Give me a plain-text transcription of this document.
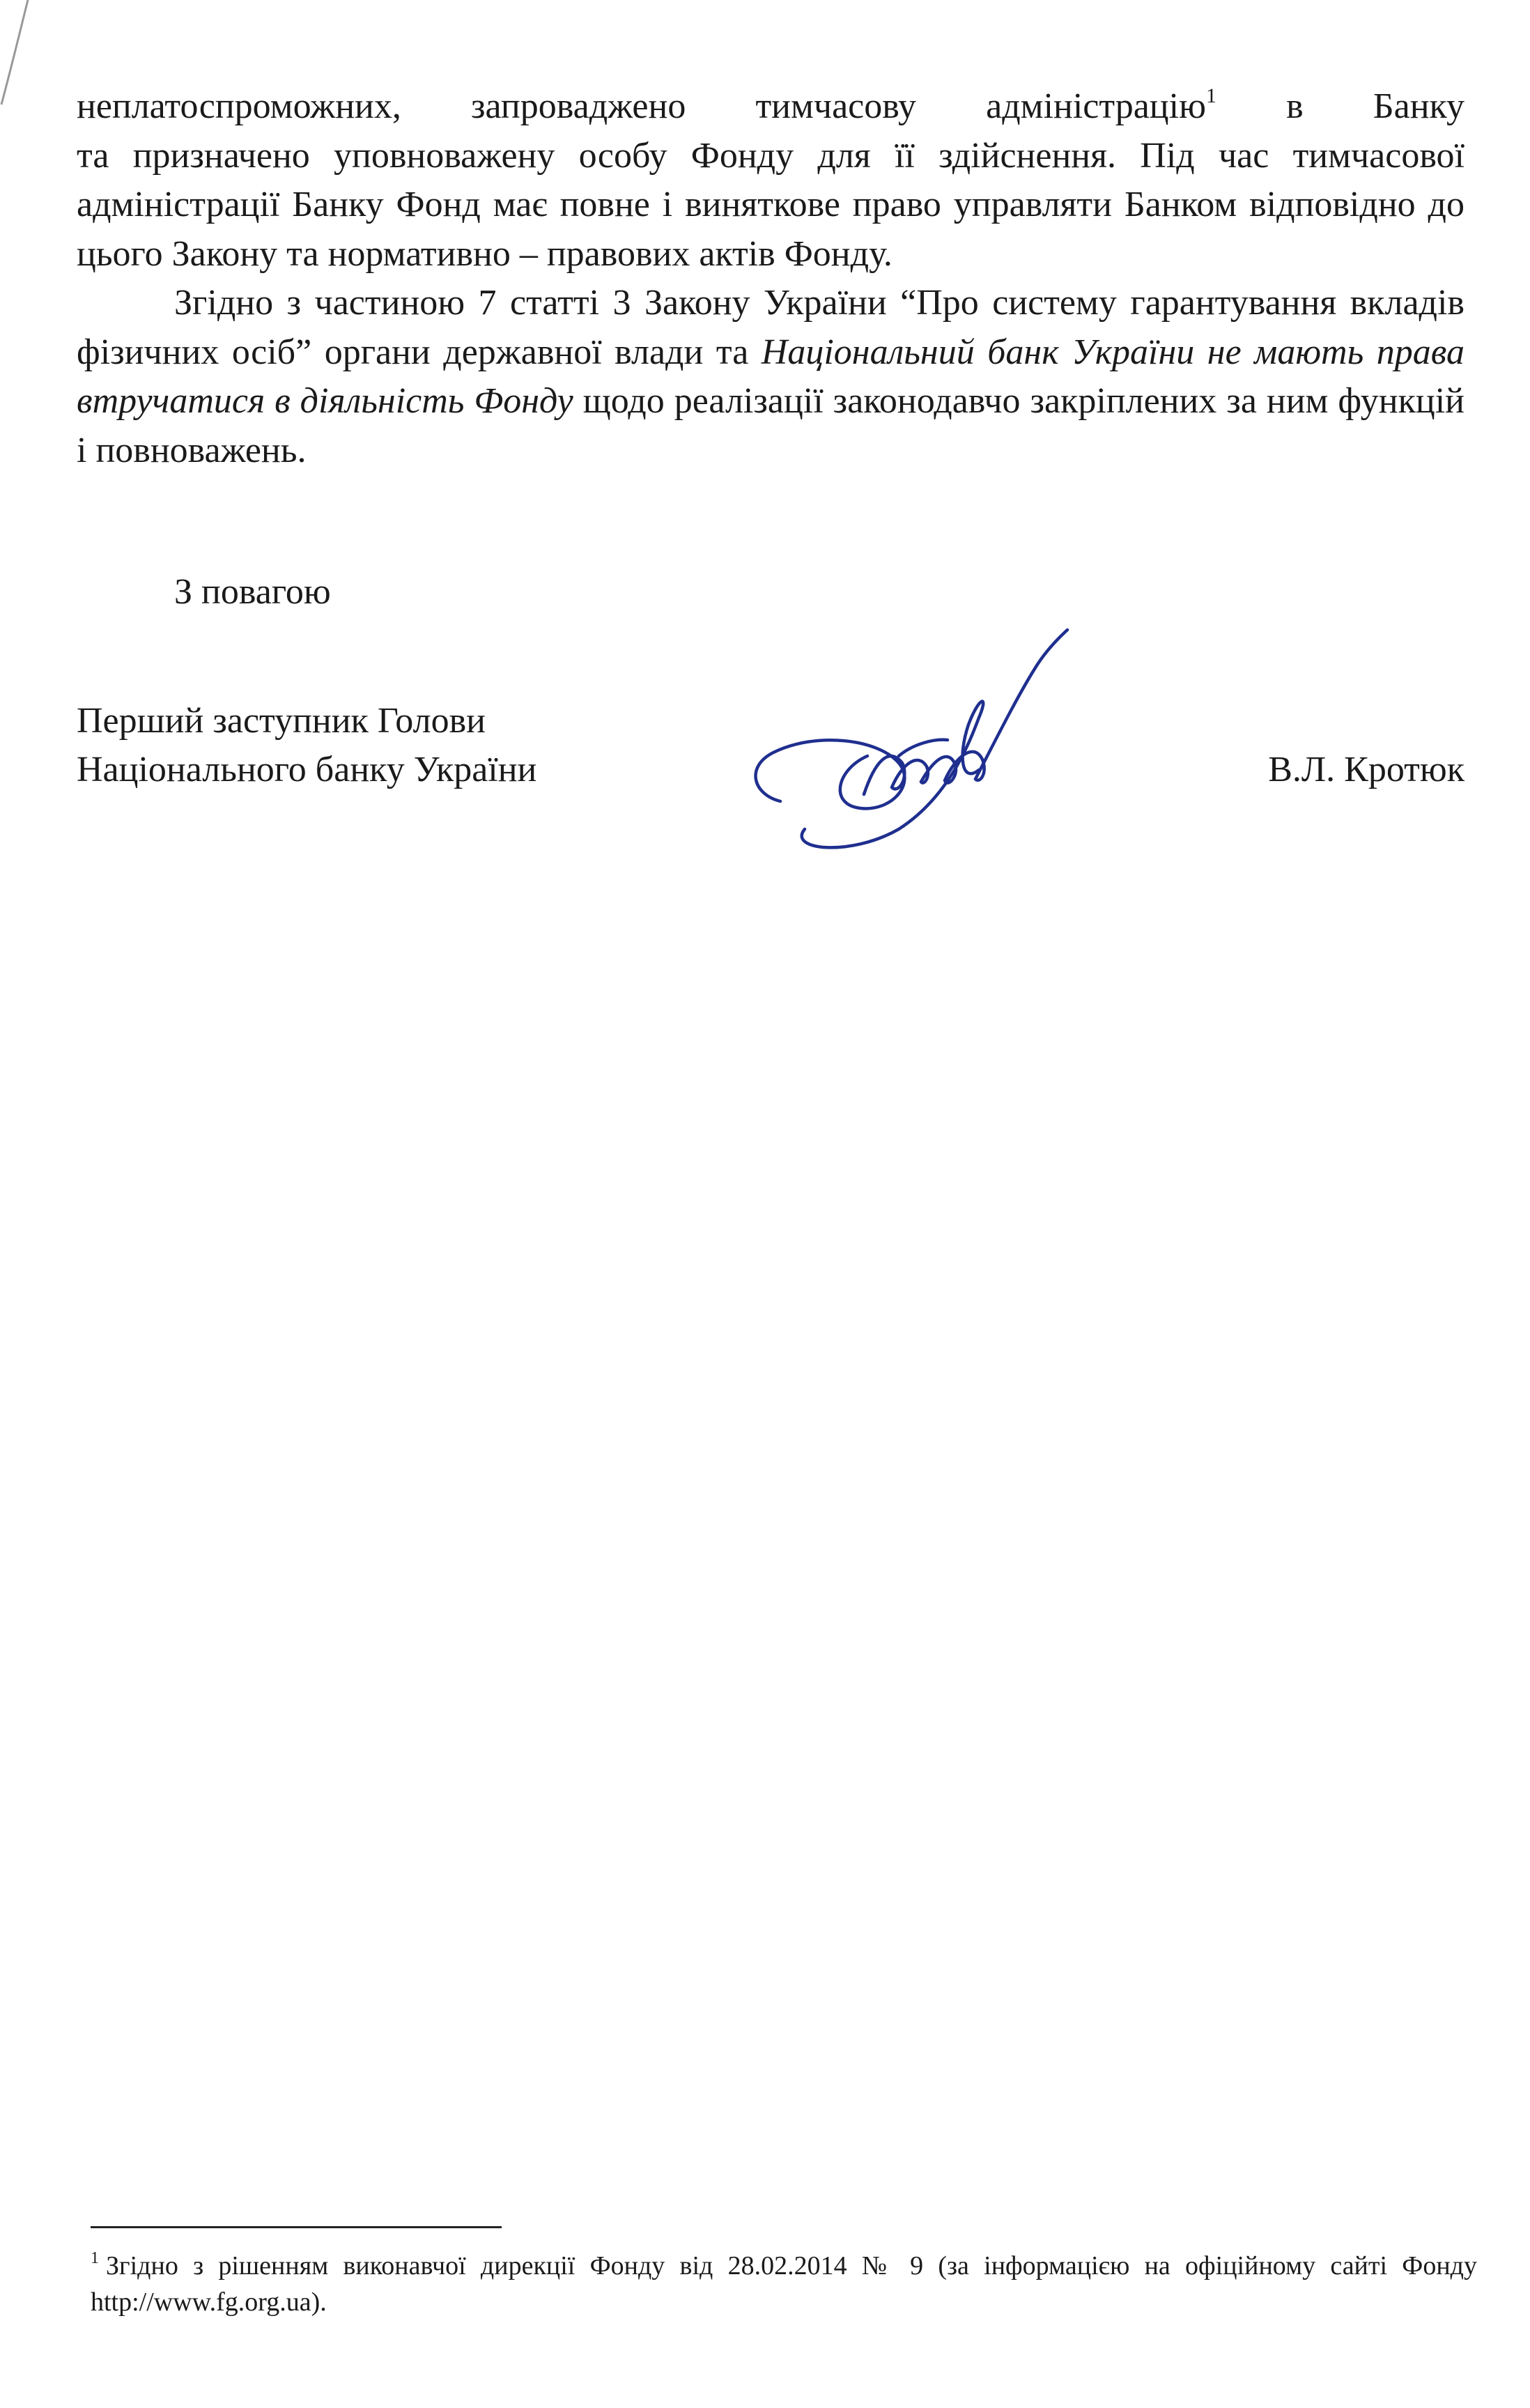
неплатоспроможних, запроваджено тимчасову адміністрацію$^1$ в Банку

та призначено уповноважену особу Фонду для її здійснення. Під час тимчасової адміністрації Банку Фонд має повне і виняткове право управляти Банком відповідно до цього Закону та нормативно – правових актів Фонду.

Згідно з частиною 7 статті 3 Закону України “Про систему гарантування вкладів фізичних осіб” органи державної влади та Національний банк України не мають права втручатися в діяльність Фонду щодо реалізації законодавчо закріплених за ним функцій і повноважень.

З повагою

Перший заступник Голови
Національного банку України	В.Л. Кротюк

$^1$ Згідно з рішенням виконавчої дирекції Фонду від 28.02.2014 № 9 (за інформацією на офіційному сайті Фонду http://www.fg.org.ua).
